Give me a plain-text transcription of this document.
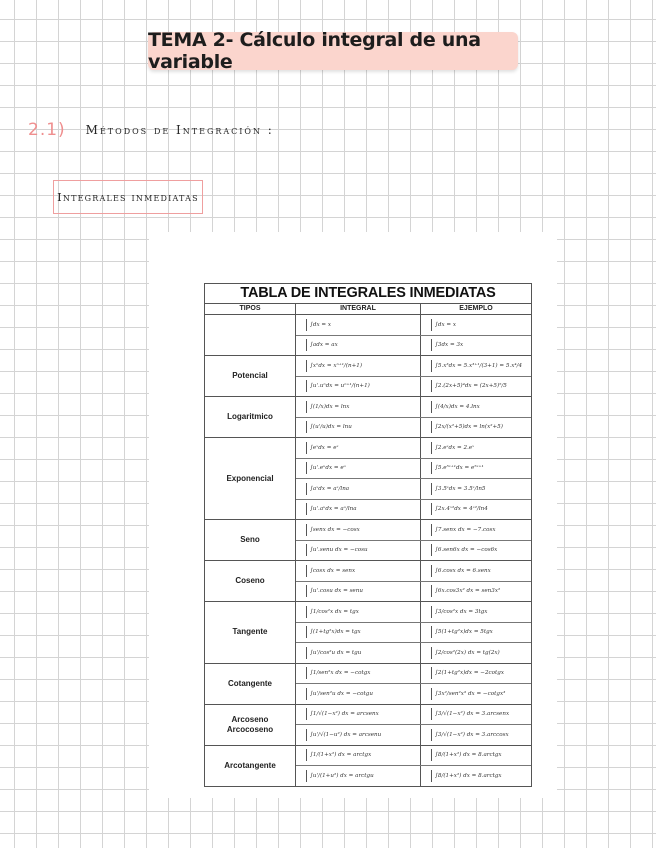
TEMA 2- Cálculo integral de una variable
2.1) Métodos de Integración :
Integrales inmediatas
TABLA DE INTEGRALES INMEDIATAS
TIPOS	INTEGRAL	EJEMPLO
∫dx = x	∫dx = x
∫adx = ax	∫3dx = 3x
Potencial
∫xⁿdx = xⁿ⁺¹/(n+1)	∫5.x³dx = 5.x³⁺¹/(3+1) = 5.x⁴/4
∫u'.uⁿdx = uⁿ⁺¹/(n+1)	∫2.(2x+5)⁴dx = (2x+5)⁵/5
Logaritmico
∫(1/x)dx = lnx	∫(4/x)dx = 4.lnx
∫(u'/u)dx = lnu	∫2x/(x²+5)dx = ln(x²+5)
Exponencial
∫eˣdx = eˣ	∫2.eˣdx = 2.eˣ
∫u'.eᵘdx = eᵘ	∫5.e⁵ˣ⁺¹dx = e⁵ˣ⁺¹
∫aˣdx = aˣ/lna	∫3.5ˣdx = 3.5ˣ/ln5
∫u'.aᵘdx = aᵘ/lna	∫2x.4ˣ²dx = 4ˣ²/ln4
Seno
∫senx dx = −cosx	∫7.senx dx = −7.cosx
∫u'.senu dx = −cosu	∫6.sen6x dx = −cos6x
Coseno
∫cosx dx = senx	∫6.cosx dx = 6.senx
∫u'.cosu dx = senu	∫6x.cos3x² dx = sen3x²
Tangente
∫1/cos²x dx = tgx	∫3/cos²x dx = 3tgx
∫(1+tg²x)dx = tgx	∫5(1+tg²x)dx = 5tgx
∫u'/cos²u dx = tgu	∫2/cos²(2x) dx = tg(2x)
Cotangente
∫1/sen²x dx = −cotgx	∫2(1+tg²x)dx = −2cotgx
∫u'/sen²u dx = −cotgu	∫3x²/sen²x³ dx = −cotgx³
Arcoseno
Arcocoseno
∫1/√(1−x²) dx = arcsenx	∫3/√(1−x²) dx = 3.arcsenx
∫u'/√(1−u²) dx = arcsenu	∫3/√(1−x²) dx = 3.arccosx
Arcotangente
∫1/(1+x²) dx = arctgx	∫8/(1+x²) dx = 8.arctgx
∫u'/(1+u²) dx = arctgu	∫8/(1+x²) dx = 8.arctgx
